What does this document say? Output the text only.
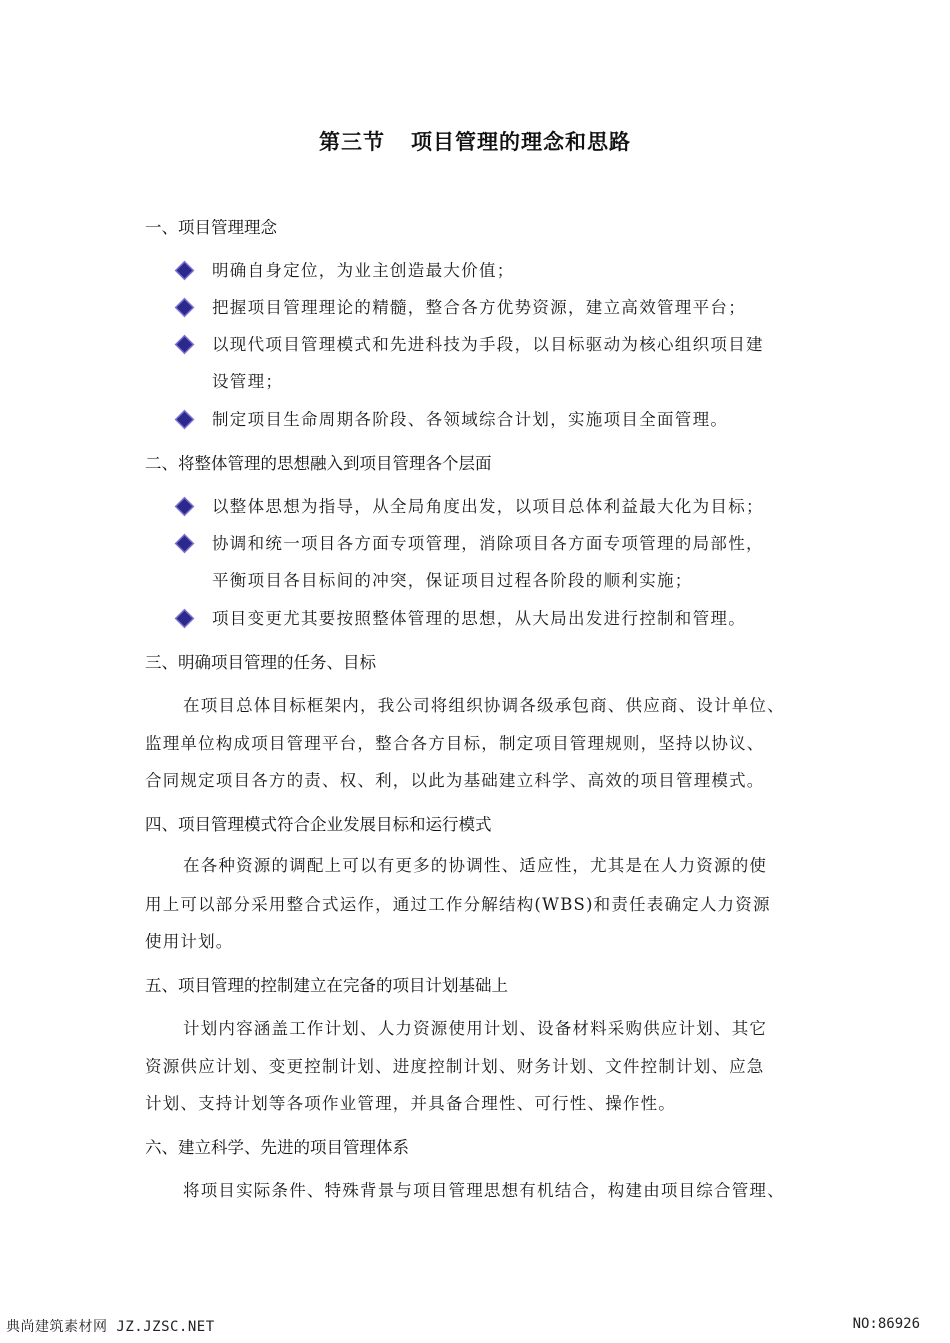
第三节 项目管理的理念和思路
一、项目管理理念
明确自身定位，为业主创造最大价值；
把握项目管理理论的精髓，整合各方优势资源，建立高效管理平台；
以现代项目管理模式和先进科技为手段，以目标驱动为核心组织项目建
设管理；
制定项目生命周期各阶段、各领域综合计划，实施项目全面管理。
二、将整体管理的思想融入到项目管理各个层面
以整体思想为指导，从全局角度出发，以项目总体利益最大化为目标；
协调和统一项目各方面专项管理，消除项目各方面专项管理的局部性，
平衡项目各目标间的冲突，保证项目过程各阶段的顺利实施；
项目变更尤其要按照整体管理的思想，从大局出发进行控制和管理。
三、明确项目管理的任务、目标
在项目总体目标框架内，我公司将组织协调各级承包商、供应商、设计单位、
监理单位构成项目管理平台，整合各方目标，制定项目管理规则，坚持以协议、
合同规定项目各方的责、权、利，以此为基础建立科学、高效的项目管理模式。
四、项目管理模式符合企业发展目标和运行模式
在各种资源的调配上可以有更多的协调性、适应性，尤其是在人力资源的使
用上可以部分采用整合式运作，通过工作分解结构(WBS)和责任表确定人力资源
使用计划。
五、项目管理的控制建立在完备的项目计划基础上
计划内容涵盖工作计划、人力资源使用计划、设备材料采购供应计划、其它
资源供应计划、变更控制计划、进度控制计划、财务计划、文件控制计划、应急
计划、支持计划等各项作业管理，并具备合理性、可行性、操作性。
六、建立科学、先进的项目管理体系
将项目实际条件、特殊背景与项目管理思想有机结合，构建由项目综合管理、
典尚建筑素材网 JZ.JZSC.NET	NO:86926
